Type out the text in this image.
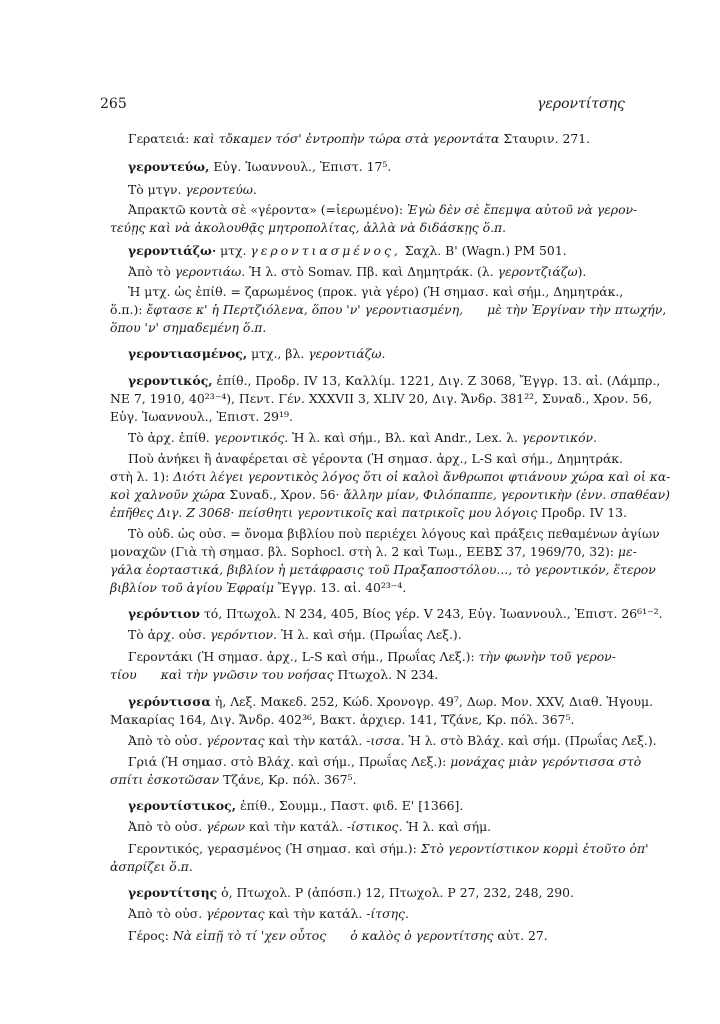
265	γεροντίτσης
Γερατειά: καὶ τὄκαμεν τόσ' ἐντροπὴν τώρα στὰ γεροντάτα Σταυριν. 271.
γεροντεύω, Εὐγ. Ἰωαννουλ., Ἐπιστ. 17⁵.
Τὸ μτγν. γεροντεύω.
Ἀπρακτῶ κοντὰ σὲ «γέροντα» (=ἱερωμένο): Ἐγὼ δὲν σὲ ἔπεμψα αὐτοῦ νὰ γερον-
τεύῃς καὶ νὰ ἀκολουθᾷς μητροπολίτας, ἀλλὰ νὰ διδάσκῃς ὅ.π.
γεροντιάζω· μτχ. γεροντιασμένος, Σαχλ. Β' (Wagn.) PM 501.
Ἀπὸ τὸ γεροντιάω. Ἡ λ. στὸ Somav. Πβ. καὶ Δημητράκ. (λ. γεροντζιάζω).
Ἡ μτχ. ὡς ἐπίθ. = ζαρωμένος (προκ. γιὰ γέρο) (Ἡ σημασ. καὶ σήμ., Δημητράκ.,
ὅ.π.): ἔφτασε κ' ἡ Περτζιόλενα, ὅπου 'ν' γεροντιασμένη, μὲ τὴν Ἐργίναν τὴν πτωχήν,
ὅπου 'ν' σημαδεμένη ὅ.π.
γεροντιασμένος, μτχ., βλ. γεροντιάζω.
γεροντικός, ἐπίθ., Προδρ. IV 13, Καλλίμ. 1221, Διγ. Ζ 3068, Ἔγγρ. 13. αἰ. (Λάμπρ.,
ΝΕ 7, 1910, 40²³⁻⁴), Πεντ. Γέν. XXXVII 3, XLIV 20, Διγ. Ἄνδρ. 381²², Συναδ., Χρον. 56,
Εὐγ. Ἰωαννουλ., Ἐπιστ. 29¹⁹.
Τὸ ἀρχ. ἐπίθ. γεροντικός. Ἡ λ. καὶ σήμ., Βλ. καὶ Andr., Lex. λ. γεροντικόν.
Ποὺ ἀνήκει ἢ ἀναφέρεται σὲ γέροντα (Ἡ σημασ. ἀρχ., L-S καὶ σήμ., Δημητράκ.
στὴ λ. 1): Διότι λέγει γεροντικὸς λόγος ὅτι οἱ καλοὶ ἄνθρωποι φτιάνουν χώρα καὶ οἱ κα-
κοὶ χαλνοῦν χώρα Συναδ., Χρον. 56· ἄλλην μίαν, Φιλόπαππε, γεροντικὴν (ἐνν. σπαθέαν)
ἐπῆθες Διγ. Ζ 3068· πείσθητι γεροντικοῖς καὶ πατρικοῖς μου λόγοις Προδρ. IV 13.
Τὸ οὐδ. ὡς οὐσ. = ὄνομα βιβλίου ποὺ περιέχει λόγους καὶ πράξεις πεθαμένων ἁγίων
μοναχῶν (Γιὰ τὴ σημασ. βλ. Sophocl. στὴ λ. 2 καὶ Τωμ., ΕΕΒΣ 37, 1969/70, 32): με-
γάλα ἑορταστικά, βιβλίον ἡ μετάφρασις τοῦ Πραξαποστόλου..., τὸ γεροντικόν, ἕτερον
βιβλίον τοῦ ἁγίου Ἐφραίμ Ἔγγρ. 13. αἰ. 40²³⁻⁴.
γερόντιον τό, Πτωχολ. Ν 234, 405, Βίος γέρ. V 243, Εὐγ. Ἰωαννουλ., Ἐπιστ. 26⁶¹⁻².
Τὸ ἀρχ. οὐσ. γερόντιον. Ἡ λ. καὶ σήμ. (Πρωΐας Λεξ.).
Γεροντάκι (Ἡ σημασ. ἀρχ., L-S καὶ σήμ., Πρωΐας Λεξ.): τὴν φωνὴν τοῦ γερον-
τίου καὶ τὴν γνῶσιν του νοήσας Πτωχολ. Ν 234.
γερόντισσα ἡ, Λεξ. Μακεδ. 252, Κώδ. Χρονογρ. 49⁷, Δωρ. Μον. XXV, Διαθ. Ἡγουμ.
Μακαρίας 164, Διγ. Ἄνδρ. 402³⁶, Βακτ. ἀρχιερ. 141, Τζάνε, Κρ. πόλ. 367⁵.
Ἀπὸ τὸ οὐσ. γέροντας καὶ τὴν κατάλ. -ισσα. Ἡ λ. στὸ Βλάχ. καὶ σήμ. (Πρωΐας Λεξ.).
Γριά (Ἡ σημασ. στὸ Βλάχ. καὶ σήμ., Πρωΐας Λεξ.): μονάχας μιὰν γερόντισσα στὸ
σπίτι ἐσκοτῶσαν Τζάνε, Κρ. πόλ. 367⁵.
γεροντίστικος, ἐπίθ., Σουμμ., Παστ. φιδ. Ε' [1366].
Ἀπὸ τὸ οὐσ. γέρων καὶ τὴν κατάλ. -ίστικος. Ἡ λ. καὶ σήμ.
Γεροντικός, γερασμένος (Ἡ σημασ. καὶ σήμ.): Στὸ γεροντίστικον κορμὶ ἐτοῦτο ὀπ'
ἀσπρίζει ὅ.π.
γεροντίτσης ὁ, Πτωχολ. Ρ (ἀπόσπ.) 12, Πτωχολ. Ρ 27, 232, 248, 290.
Ἀπὸ τὸ οὐσ. γέροντας καὶ τὴν κατάλ. -ίτσης.
Γέρος: Νὰ εἰπῇ τὸ τί 'χεν οὗτος ὁ καλὸς ὁ γεροντίτσης αὐτ. 27.
